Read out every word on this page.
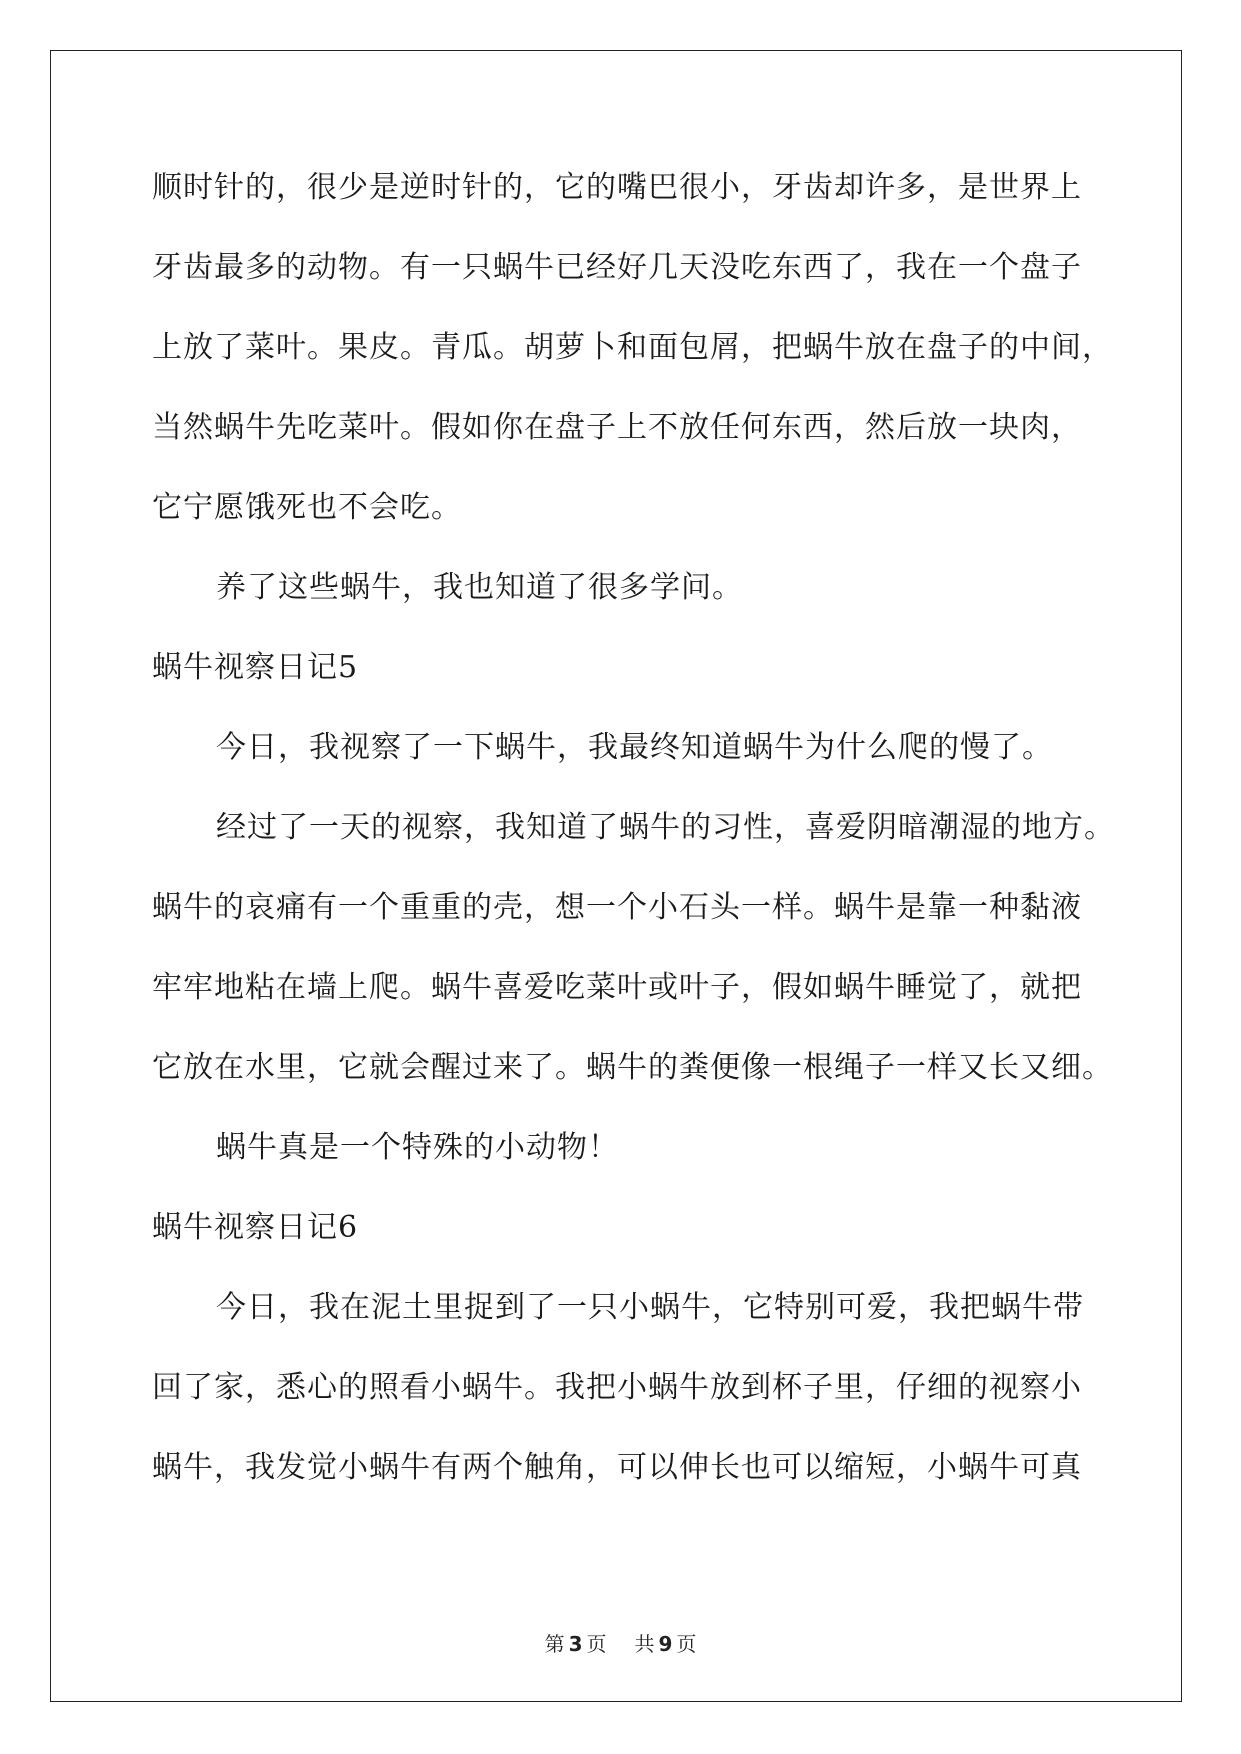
顺时针的，很少是逆时针的，它的嘴巴很小，牙齿却许多，是世界上
牙齿最多的动物。有一只蜗牛已经好几天没吃东西了，我在一个盘子
上放了菜叶。果皮。青瓜。胡萝卜和面包屑，把蜗牛放在盘子的中间，
当然蜗牛先吃菜叶。假如你在盘子上不放任何东西，然后放一块肉，
它宁愿饿死也不会吃。
养了这些蜗牛，我也知道了很多学问。
蜗牛视察日记5
今日，我视察了一下蜗牛，我最终知道蜗牛为什么爬的慢了。
经过了一天的视察，我知道了蜗牛的习性，喜爱阴暗潮湿的地方。
蜗牛的哀痛有一个重重的壳，想一个小石头一样。蜗牛是靠一种黏液
牢牢地粘在墙上爬。蜗牛喜爱吃菜叶或叶子，假如蜗牛睡觉了，就把
它放在水里，它就会醒过来了。蜗牛的粪便像一根绳子一样又长又细。
蜗牛真是一个特殊的小动物！
蜗牛视察日记6
今日，我在泥土里捉到了一只小蜗牛，它特别可爱，我把蜗牛带
回了家，悉心的照看小蜗牛。我把小蜗牛放到杯子里，仔细的视察小
蜗牛，我发觉小蜗牛有两个触角，可以伸长也可以缩短，小蜗牛可真
第 3 页 共 9 页
